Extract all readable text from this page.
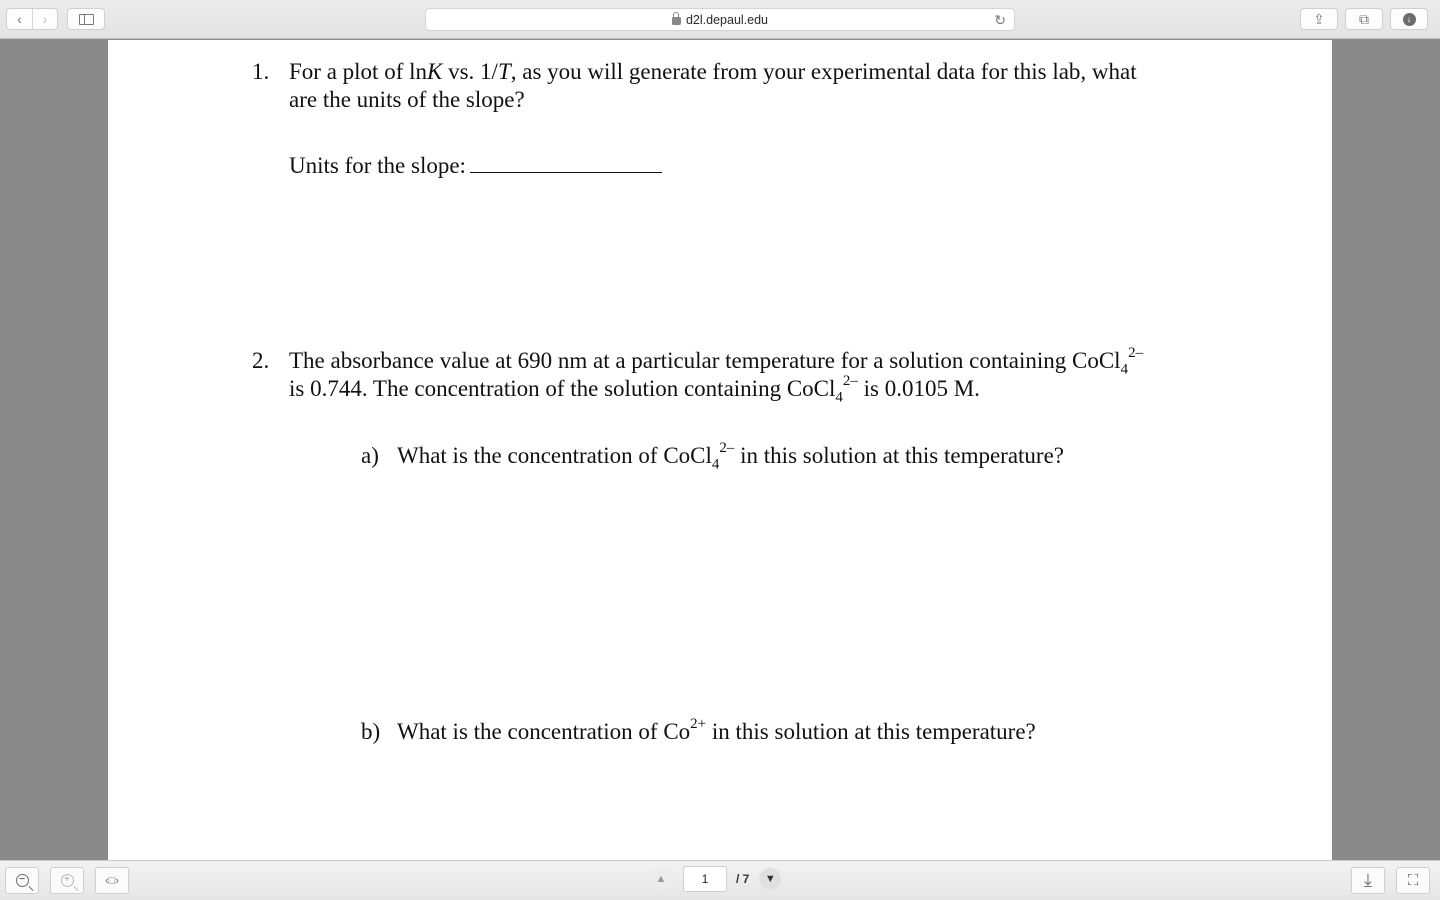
‹	›	d2l.depaul.edu	↻	⇪ ⧉	↓
1. For a plot of lnK vs. 1/T, as you will generate from your experimental data for this lab, what
are the units of the slope?
Units for the slope:
2. The absorbance value at 690 nm at a particular temperature for a solution containing CoCl$_4^{2-}$
is 0.744. The concentration of the solution containing CoCl$_4^{2-}$ is 0.0105 M.
a) What is the concentration of CoCl$_4^{2-}$ in this solution at this temperature?
b) What is the concentration of $Co^{2+}$ in this solution at this temperature?
−	+	‹□›	⤓ ⛶
▲
1	/ 7	▼
